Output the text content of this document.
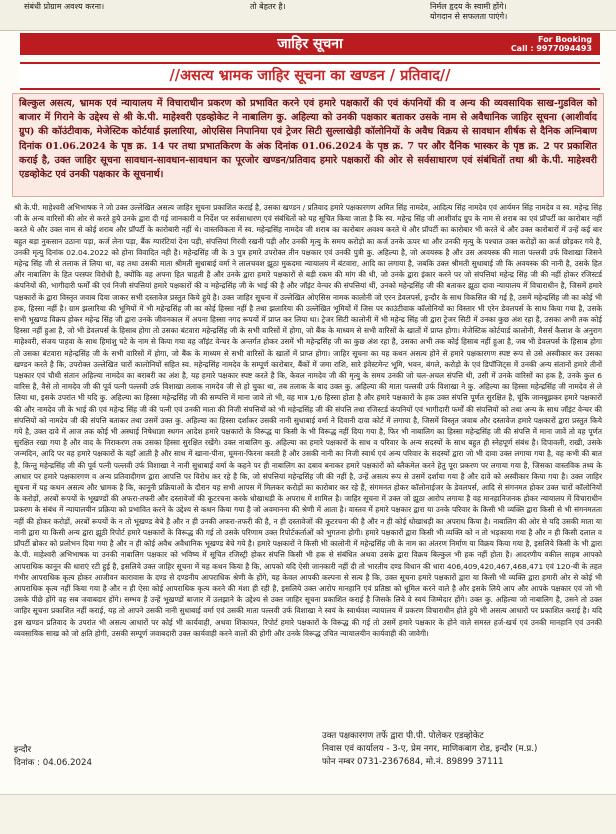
संबंधी प्रोग्राम अवश्य करना।	तो बेहतर है।	निर्मल हृदय के स्वामी होंगे।
योगदान से सफलता पाएंगे।
जाहिर सूचना	For Booking
Call : 9977094493
//असत्य भ्रामक जाहिर सूचना का खण्डन / प्रतिवाद//
बिल्कुल असत्य, भ्रामक एवं न्यायालय में विचाराधीन प्रकरण को प्रभावित करने एवं हमारे पक्षकारों की एवं कंपनियों की व अन्य की व्यवसायिक साख-गुडविल को बाजार में गिराने के उद्देश्य से श्री के.पी. माहेश्वरी एडव्होकेट ने नाबालिग कु. अहिल्या को उनकी पक्षकार बताकर उसके नाम से अवैधानिक जाहिर सूचना (आशीर्वाद ग्रुप) की कॉउंटीवाक, मेजेस्टिक कोर्टयार्ड झलारिया, ओएसिस निपानिया एवं ट्रेजर सिटी सुल्लाखेड़ी कॉलोनियों के अवैध विक्रय से सावधान शीर्षक से दैनिक अग्निबाण दिनांक 01.06.2024 के पृष्ठ क्र. 14 पर तथा प्रभातकिरण के अंक दिनांक 01.06.2024 के पृष्ठ क्र. 7 पर और दैनिक भास्कर के पृष्ठ क्र. 2 पर प्रकाशित कराई है, उक्त जाहिर सूचना सावधान-सावधान-सावधान का पूरजोर खण्डन/प्रतिवाद हमारे पक्षकारों की ओर से सर्वसाधारण एवं संबंधितों तथा श्री के.पी. माहेश्वरी एडव्होकेट एवं उनकी पक्षकार के सूचनार्थ।

श्री के.पी. माहेश्वरी अभिभाषक ने जो उक्त उल्लेखित असत्य जाहिर सूचना प्रकाशित कराई है, उसका खण्डन / प्रतिवाद हमारे पक्षकारगण अमित सिंह नामदेव, आदित्य सिंह नामदेव एवं आर्यमन सिंह नामदेव व स्व. महेन्द्र सिंह जी के अन्य वारिसों की ओर से करते हुये उनके द्वारा दी गई जानकारी व निर्देश पर सर्वसाधारण एवं संबंधितों को यह सूचित किया जाता है कि स्व. महेन्द्र सिंह जी आशीर्वाद ग्रुप के नाम से शराब का एवं प्रॉपर्टी का कारोबार नहीं करते थे और उक्त नाम से कोई शराब और प्रॉपर्टी के कारोबारी नहीं थे। वास्तविकता में स्व. महेन्द्रसिंह नामदेव जी शराब का कारोबार अवश्य करते थे और प्रॉपर्टी का कारोबार भी करते थे और उक्त कारोबारों में उन्हें कई बार बहुत बड़ा नुकसान उठाना पड़ा, कर्ज लेना पड़ा, बैंक ग्यारंटियां देना पड़ी, संपत्तियां गिरवी रखनी पड़ी और उनकी मृत्यु के समय करोड़ो का कर्ज उनके ऊपर था और उनकी मृत्यु के पश्चात उक्त करोड़ों का कर्ज छोड़कर गये है, उनकी मृत्यु दिनांक 02.04.2022 को होना विवादित नही है। महेन्द्रसिंह जी के 3 पुत्र हमारे उपरोक्त तीन पक्षकार एवं उनकी पुत्री कु. अहिल्या है, जो अवयस्क है और उस अवयस्क की माता पल्लवी उर्फ विशाखा जिसने महेन्द्र सिंह जी से तलाक ले लिया था, वह तथा उसकी माता श्रीमती सुधाबाई वर्मा ने लालचवश झूठा मुकदमा न्यायालय में बंटवारा, आदि का लगाया है, जबकि उक्त श्रीमती सुधाबाई जी कि अवयस्क की नानी है, उसके हित और नाबालिग के हित परस्पर विरोधी है, क्योंकि वह अपना हित चाहती है और उनके द्वारा हमारे पक्षकारों से बड़ी रकम की मांग की थी, जो उनके द्वारा इंकार करने पर जो संपत्तियां महेन्द्र सिंह जी की नहीं होकर रजिस्टर्ड कंपनियों की, भागीदारी फर्मों की एवं निजी संपत्तियां हमारे पक्षकारों की व महेन्द्रसिंह जी के भाई की है और जॉइंट वेन्चर की संपत्तियां थीं, उनको महेन्द्रसिंह जी की बताकर झूठा दावा न्यायालय में विचाराधीन है, जिसमें हमारे पक्षकारों के द्वारा विस्तृत जवाब दिया जाकर सभी दस्तावेज प्रस्तुत किये हुये है। उक्त जाहिर सूचना में उल्लेखित ओएसिस नामक कालोनी जो एरन डेवलपर्स, इन्दौर के साथ विकसित की गई है, उसमें महेन्द्रसिंह जी का कोई भी हक, हिस्सा नहीं है। ग्राम झलारिया की भूमियों में भी महेन्द्रसिंह जी का कोई हिस्सा नहीं है तथा झलारिया की उल्लेखित भूमियों में जिस पर काउंटीवाक कॉलोनियों का विस्तार भी एरेन डेवलपर्स के साथ किया गया है, उसके सभी भूखण्ड विक्रय होकर महेन्द्र सिंह जी द्वारा उनके जीवनकाल में अपना हिस्सा नगद रूपयों में प्राप्त कर लिया था। ट्रेजर सिटी कालोनी में भी महेन्द्र सिंह जी द्वारा ट्रेजर सिटी में उनका कुछ अंश रहा है, उसका अभी तक कोई हिस्सा नहीं हुआ है, जो भी डेवलपर्स के हिसाब होगा तो उसका बंटवारा महेन्द्रसिंह जी के सभी वारिसों में होगा, जो बैंक के माध्यम से सभी वारिसों के खातों में प्राप्त होगा। मेजेस्टिक कोर्टयार्ड कालोनी, मैसर्स कैलाश के अनुराग माहेश्वरी, संजय पाहवा के साथ हिमांशु घटे के नाम से किया गया वह जॉइंट वेन्चर के अन्तर्गत होकर उसमें भी महेन्द्रसिंह जी का कुछ अंश रहा है, उसका अभी तक कोई हिसाब नहीं हुआ है, जब भी डेवलपर्स के हिसाब होगा तो उसका बंटवारा महेन्द्रसिंह जी के सभी वारिसों में होगा, जो बैंक के माध्यम से सभी वारिसों के खातों में प्राप्त होगा। जाहिर सूचना का यह कथन असत्य होने से हमारे पक्षकारगण स्पष्ट रूप से उसे अस्वीकार कर उसका खण्डन करते है कि, उपरोक्त उल्लेखित चारों कालोनियों सहित स्व. महेन्द्रसिंह नामदेव के सम्पूर्ण कारोबार, बैंकों में जमा राशि, सारे इंवेस्टमेन्ट भूमि, भवन, बंगले, करोड़ो के एवं डिपॉजिट्स में उनकी अन्य संतानों हमारे तीनों पक्षकार एवं चौथी संतान अहिल्या नामदेव का बराबरी का अंश है, यह हमारे पक्षकार स्पष्ट करते है कि, केवल नामदेव जी की मृत्यु के समय उनकी जो चल-अचल संपत्ति थी, उसी में उनके वारिसों का हक है, उनके कुल 6 वारिस है, वैसे तो नामदेव जी की पूर्व पत्नी पल्लवी उर्फ विशाखा तलाक नामदेव जी से हो चुका था, तब तलाक के बाद उक्त कु. अहिल्या की माता पल्लवी उर्फ विशाखा ने कु. अहिल्या का हिस्सा महेन्द्रसिंह जी नामदेव से ले लिया था, इसके उपरांत भी यदि कु. अहिल्या का हिस्सा महेन्द्रसिंह जी की सम्पत्ति में माना जावे तो भी, वह मात्र 1/6 हिस्सा होता है और हमारे पक्षकारों के हक उक्त संपत्ति पूर्णत सुरक्षित है, चूंकि जानबूझकर हमारे पक्षकारों की और नामदेव जी के भाई की एवं महेन्द्र सिंह जी की पत्नी एवं उनकी माता की निजी संपत्तियों को भी महेन्द्रसिंह जी की संपत्ति तथा रजिस्टर्ड कंपनियों एवं भागीदारी फर्मों की संपत्तियों को तथा अन्य के साथ जॉइंट वेन्चर की संपत्तियों को नामदेव जी की संपत्ति बताकर तथा उसमें उक्त कु. अहिल्या का हिस्सा दर्शाकर उसकी नानी सुधाबाई वर्मा ने दिवानी दावा कोर्ट में लगाया है, जिसमें विस्तृत जवाब और दस्तावेज हमारे पक्षकारों द्वारा प्रस्तुत किये गये है, उक्त दावे में आज तक कोई भी अस्थाई निषेधाज्ञा स्थगन आदेश हमारे पक्षकारों के विरूद्ध या किसी के भी विरूद्ध नहीं दिया गया है, फिर भी नाबालिग का हिस्सा महेन्द्रसिंह जी की संपत्ति में माना जावें तो वह पूर्णत सुरक्षित रखा गया है और वाद के निराकरण तक उसका हिस्सा सुरक्षित रखेंगे। उक्त नाबालिग कु. अहिल्या का हमारे पक्षकारों के साथ व परिवार के अन्य सदस्यों के साथ बहुत ही स्नेहपूर्ण संबंध है। दिपावली, राखी, उसके जन्मदिन, आदि पर वह हमारे पक्षकारों के यहाँ आती है और साथ में खाना-पीना, घूमना-फिरना करती है और उसकी नानी का निजी स्वार्थ एवं अन्य परिवार के सदस्यों द्वारा जो भी दावा उक्त लगाया गया है, वह कभी की बात है, किन्तु महेन्द्रसिंह जी की पूर्व पत्नी पल्लवी उर्फ विशाखा ने नानी सुधाबाई वर्मा के कहने पर ही नाबालिग का दबाव बनाकर हमारे पक्षकारों को ब्लैकमेल करने हेतु पूरा प्रकरण पर लगाया गया है, जिसका वास्तविक तथ्य के आधार पर हमारे पक्षकारगण व अन्य प्रतिवादीगण द्वारा आपत्ति पर विरोध कर रहे है कि, जो संपत्तियां महेन्द्रसिंह जी की नहीं है, उन्हें असत्य रूप से उसमें दर्शाया गया है और दावे को अस्वीकार किया गया है। उक्त जाहिर सूचना में यह कथन असत्य और भ्रामक है कि, कानूनी प्रक्रियाओं के दौरान यह सभी आपस में मिलकर करोड़ों का कारोबार कर रहे हैं, संगमनत होकर कॉलोनाईजर के डेवलपर्स, आदि से संगनमत होकर उक्त चारों कॉलोनियों के करोड़ों, अरबों रूपयों के भूखण्डों की अफरा-तफरी और दस्तावेजों की कूटरचना करके धोखाधड़ी के अपराध में शामिल है। जाहिर सूचना में उक्त जो झूठा आरोप लगाया है वह मानहानिजनक होकर न्यायालय में विचाराधीन प्रकरण के संबंध में न्यायालयीन प्रक्रिया को प्रभावित करने के उद्देश्य से कथन किया गया है जो अवमानना की श्रेणी में आता है। वास्तव में हमारे पक्षकार द्वारा या उनके परिवार के किसी भी व्यक्ति द्वारा किसी से भी संगनमतता नहीं की होकर करोड़ों, अरबों रूपयों के न तो भूखण्ड बेचे है और न ही उनकी अफरा-तफरी की है, न ही दस्तावेजों की कूटरचना की है और न ही कोई धोखाधड़ी का अपराध किया है। नाबालिग की ओर से यदि उसकी माता या नानी द्वारा या किसी अन्य द्वारा झूठी रिपोर्ट हमारे पक्षकारों के विरूद्ध की गई तो उसके परिणाम उक्त रिपोर्टकर्ताओं को भुगतना होगी। हमारे पक्षकारों द्वारा किसी भी व्यक्ति को न तो भड़काया गया है और न ही किसी दलाल व प्रॉपर्टी ब्रोकर को प्रलोभन दिया गया है और न ही कोई अवैध अवैधानिक भूखण्ड बेचे गये है। हमारे पक्षकारों ने किसी भी कालोनी में महेन्द्रसिंह जी के नाम का अंतरण निर्माण या विक्रय किया गया है, इसलिये किसी के भी द्वारा के.पी. माहेश्वरी अभिभाषक या उनकी नाबालिग पक्षकार को भविष्य में सूचित रजिस्ट्री होकर संपत्ति किसी भी हक से संबंधित अथवा उसके द्वारा विक्रय बिल्कुल भी हक नहीं होता है। आदरणीय वकील साहब आपको आपराधिक कानून की धाराएं रटी हुई है, इसलिये उक्त जाहिर सूचना में यह कथन किया है कि, आपको यदि ऐसी जानकारी नहीं दी तो भारतीय दण्ड विधान की धारा 406,409,420,467,468,471 एवं 120-बी के तहत गंभीर आपराधिक कृत्य होकर आजीवन कारावास के दण्ड से दण्डनीय आपराधिक श्रेणी के होंगे, यह केवल आपकी कल्पना से सत्य है कि, उक्त सूचना हमारे पक्षकारों द्वारा या किसी भी व्यक्ति द्वारा हमारी ओर से कोई भी आपराधिक कृत्य नहीं किया गया है और न ही ऐसा कोई आपराधिक कृत्य करने की मंशा ही रही है, इसलिये उक्त आरोप मानहानि एवं प्रतिष्ठा को धूमिल करने वाले है और इसके लिये आप और आपके पक्षकार एवं जो भी उसके पीछे होंगे वह सब जवाबदार होंगे। सम्भव है उन्हें भूखण्डों बाजार में उलझाने के उद्देश्य से उक्त जाहिर सूचना प्रकाशित कराई है जिसके लिये वे स्वयं जिम्मेदार होंगे। उक्त कु. अहिल्या जो नाबालिग है, उसने तो उक्त जाहिर सूचना प्रकाशित नहीं कराई, यह तो आपने उसकी नानी सुधाबाई वर्मा एवं उसकी माता पल्लवी उर्फ विशाखा ने स्वयं के स्वार्थवश न्यायालय में प्रकरण विचाराधीन होते हुये भी असत्य आधारों पर प्रकाशित कराई है। यदि इस खण्डन प्रतिवाद के उपरांत भी असत्य आधारों पर कोई भी कार्यवाही, अथवा शिकायत, रिपोर्ट हमारे पक्षकारों के विरूद्ध की गई तो उसमें हमारे पक्षकार के होने वाले समस्त हर्ज-खर्च एवं उनकी मानहानि एवं उनकी व्यवसायिक साख को जो क्षति होगी, उसकी सम्पूर्ण जवाबदारी उक्त कार्यवाही करने वालों की होगी और उनके विरूद्ध उचित न्यायालयीन कार्यवाही की जावेगी।

इन्दौर
दिनांक : 04.06.2024
उक्त पक्षकारगण तर्फे द्वारा पी.पी. पोलेकर एडव्होकेट
निवास एवं कार्यालय - 3-ए, प्रेम नगर, माणिकबाग रोड, इन्दौर (म.प्र.)
फोन नम्बर 0731-2367684, मो.नं. 89899 37111
